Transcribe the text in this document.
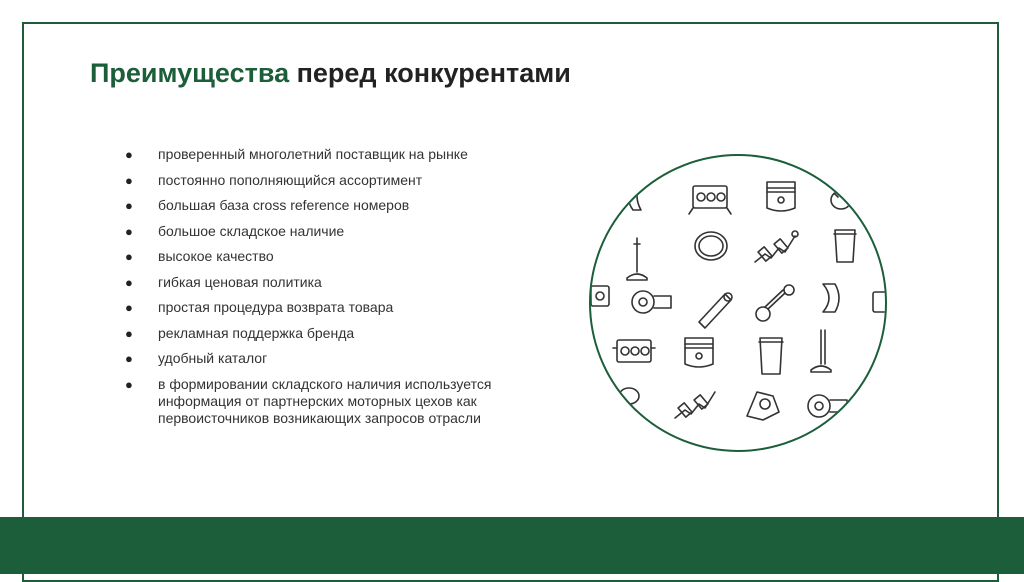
Преимущества перед конкурентами
● проверенный многолетний поставщик на рынке
● постоянно пополняющийся ассортимент
● большая база cross reference номеров
● большое складское наличие
● высокое качество
● гибкая ценовая политика
● простая процедура возврата товара
● рекламная поддержка бренда
● удобный каталог
● в формировании складского наличия используется информация от партнерских моторных цехов как первоисточников возникающих запросов отрасли
